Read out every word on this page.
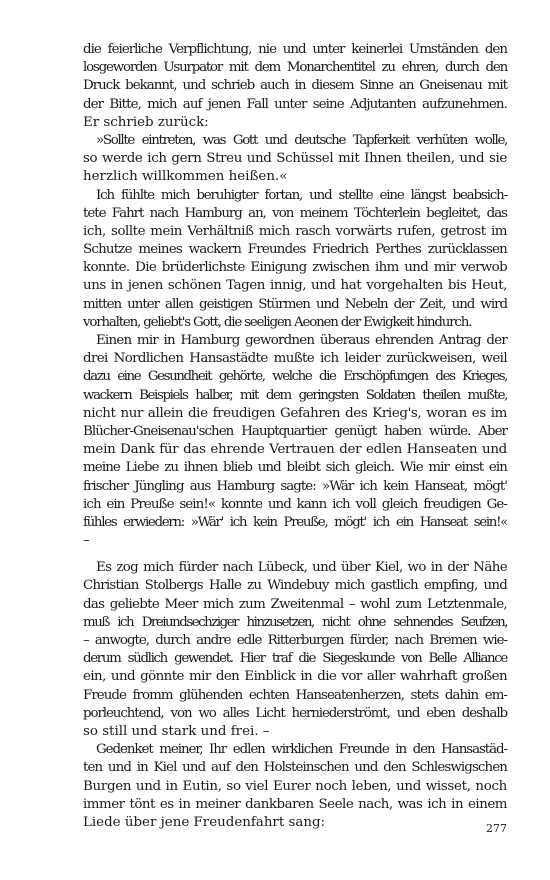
die feierliche Verpflichtung, nie und unter keinerlei Umständen den
losgeworden Usurpator mit dem Monarchentitel zu ehren, durch den
Druck bekannt, und schrieb auch in diesem Sinne an Gneisenau mit
der Bitte, mich auf jenen Fall unter seine Adjutanten aufzunehmen.
Er schrieb zurück:
»Sollte eintreten, was Gott und deutsche Tapferkeit verhüten wolle,
so werde ich gern Streu und Schüssel mit Ihnen theilen, und sie
herzlich willkommen heißen.«
Ich fühlte mich beruhigter fortan, und stellte eine längst beabsich-
tete Fahrt nach Hamburg an, von meinem Töchterlein begleitet, das
ich, sollte mein Verhältniß mich rasch vorwärts rufen, getrost im
Schutze meines wackern Freundes Friedrich Perthes zurücklassen
konnte. Die brüderlichste Einigung zwischen ihm und mir verwob
uns in jenen schönen Tagen innig, und hat vorgehalten bis Heut,
mitten unter allen geistigen Stürmen und Nebeln der Zeit, und wird
vorhalten, geliebt's Gott, die seeligen Aeonen der Ewigkeit hindurch.
Einen mir in Hamburg gewordnen überaus ehrenden Antrag der
drei Nordlichen Hansastädte mußte ich leider zurückweisen, weil
dazu eine Gesundheit gehörte, welche die Erschöpfungen des Krieges,
wackern Beispiels halber, mit dem geringsten Soldaten theilen mußte,
nicht nur allein die freudigen Gefahren des Krieg's, woran es im
Blücher-Gneisenau'schen Hauptquartier genügt haben würde. Aber
mein Dank für das ehrende Vertrauen der edlen Hanseaten und
meine Liebe zu ihnen blieb und bleibt sich gleich. Wie mir einst ein
frischer Jüngling aus Hamburg sagte: »Wär ich kein Hanseat, mögt'
ich ein Preuße sein!« konnte und kann ich voll gleich freudigen Ge-
fühles erwiedern: »Wär' ich kein Preuße, mögt' ich ein Hanseat sein!«
–
Es zog mich fürder nach Lübeck, und über Kiel, wo in der Nähe
Christian Stolbergs Halle zu Windebuy mich gastlich empfing, und
das geliebte Meer mich zum Zweitenmal – wohl zum Letztenmale,
muß ich Dreiundsechziger hinzusetzen, nicht ohne sehnendes Seufzen,
– anwogte, durch andre edle Ritterburgen fürder, nach Bremen wie-
derum südlich gewendet. Hier traf die Siegeskunde von Belle Alliance
ein, und gönnte mir den Einblick in die vor aller wahrhaft großen
Freude fromm glühenden echten Hanseatenherzen, stets dahin em-
porleuchtend, von wo alles Licht herniederströmt, und eben deshalb
so still und stark und frei. –
Gedenket meiner, Ihr edlen wirklichen Freunde in den Hansastäd-
ten und in Kiel und auf den Holsteinschen und den Schleswigschen
Burgen und in Eutin, so viel Eurer noch leben, und wisset, noch
immer tönt es in meiner dankbaren Seele nach, was ich in einem
Liede über jene Freudenfahrt sang:	277
